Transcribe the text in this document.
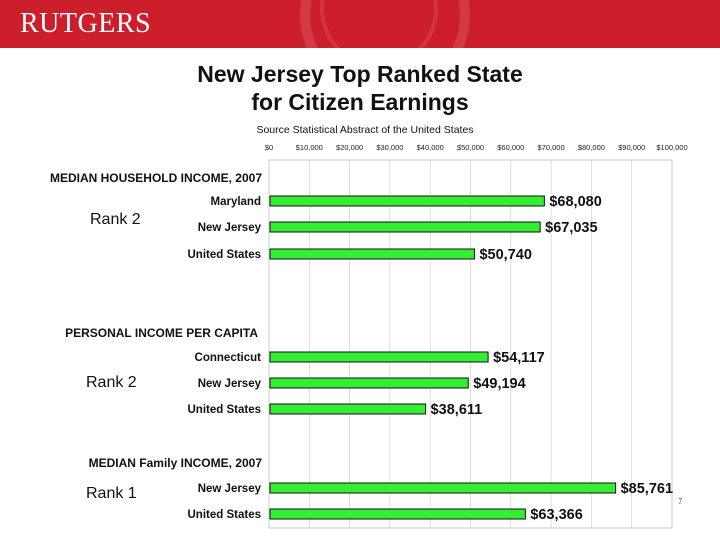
RUTGERS
New Jersey Top Ranked State
for Citizen Earnings
Source Statistical Abstract of the United States
$0	$10,000 $20,000 $30,000 $40,000 $50,000 $60,000 $70,000 $80,000 $90,000 $100,000
MEDIAN HOUSEHOLD INCOME, 2007
Maryland	$68,080
New Jersey	$67,035
United States	$50,740
PERSONAL INCOME PER CAPITA
Connecticut	$54,117
New Jersey	$49,194
United States	$38,611
MEDIAN Family INCOME, 2007
New Jersey	$85,761
United States	$63,366
7
Rank 2
Rank 2
Rank 1
